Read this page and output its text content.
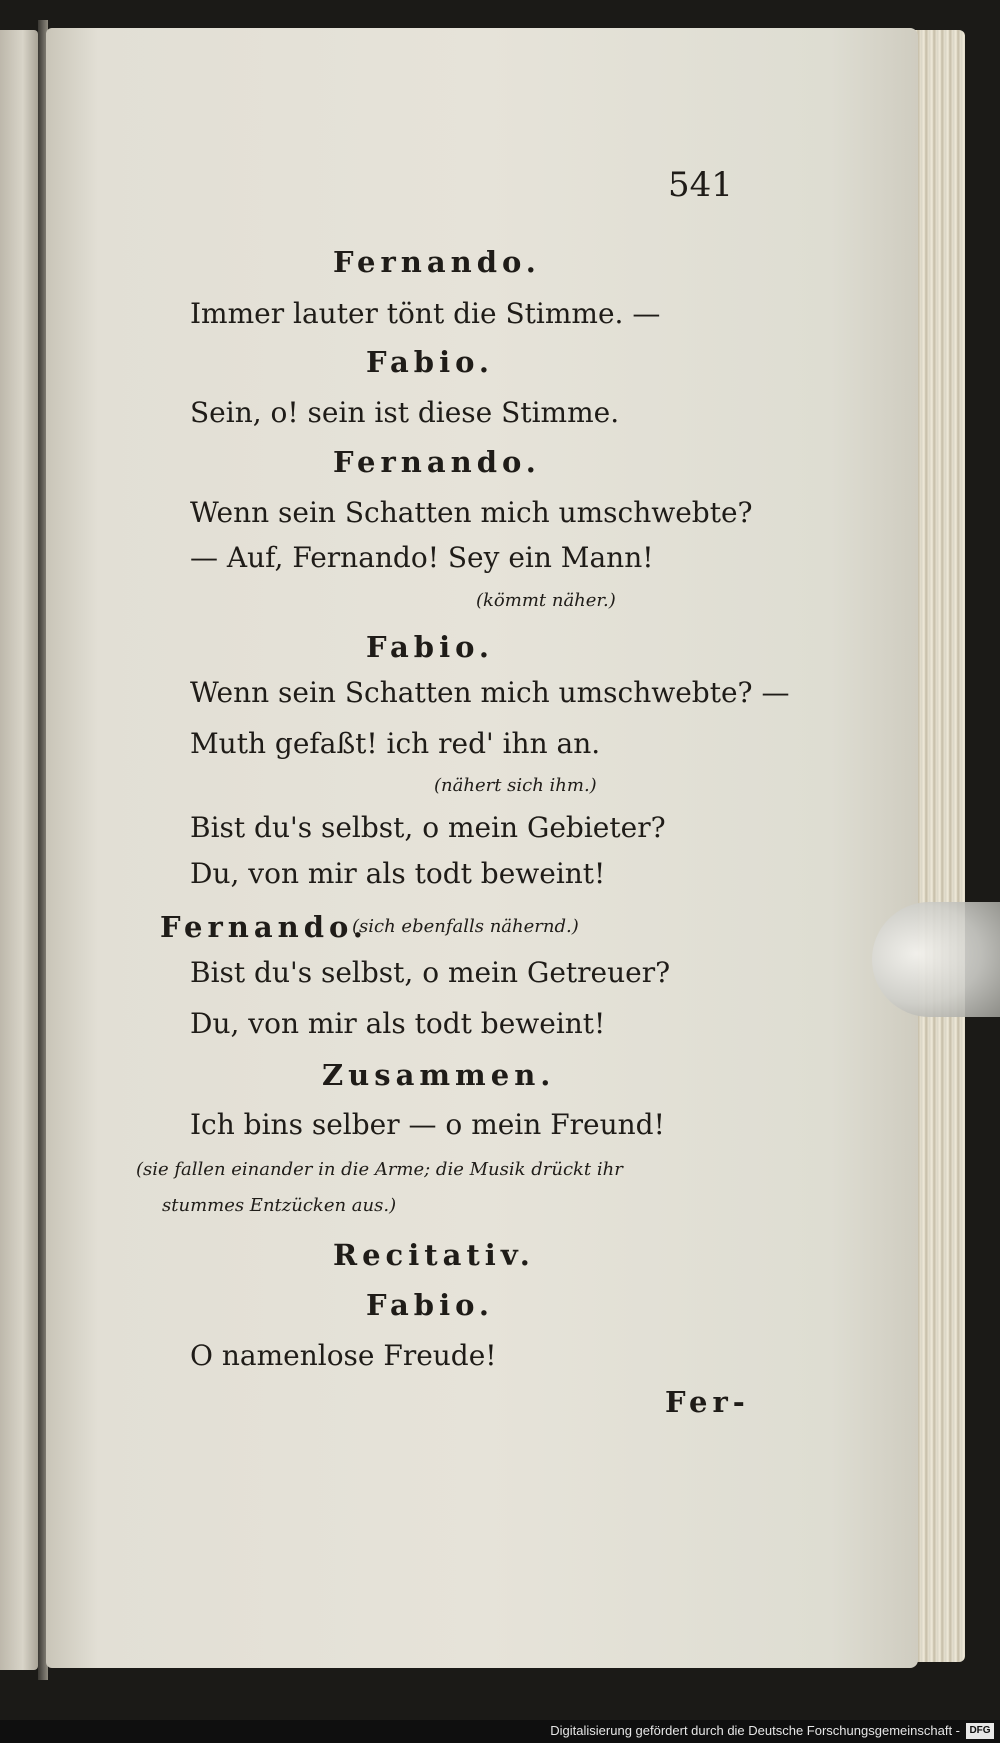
541
Fernando.
Immer lauter tönt die Stimme. —
Fabio.
Sein, o! sein ist diese Stimme.
Fernando.
Wenn sein Schatten mich umschwebte?
— Auf, Fernando! Sey ein Mann!
(kömmt näher.)
Fabio.
Wenn sein Schatten mich umschwebte? —
Muth gefaßt! ich red' ihn an.
(nähert sich ihm.)
Bist du's selbst, o mein Gebieter?
Du, von mir als todt beweint!
Fernando.
(sich ebenfalls nähernd.)
Bist du's selbst, o mein Getreuer?
Du, von mir als todt beweint!
Zusammen.
Ich bins selber — o mein Freund!
(sie fallen einander in die Arme; die Musik drückt ihr
stummes Entzücken aus.)
Recitativ.
Fabio.
O namenlose Freude!
Fer-
Digitalisierung gefördert durch die Deutsche Forschungsgemeinschaft - DFG
